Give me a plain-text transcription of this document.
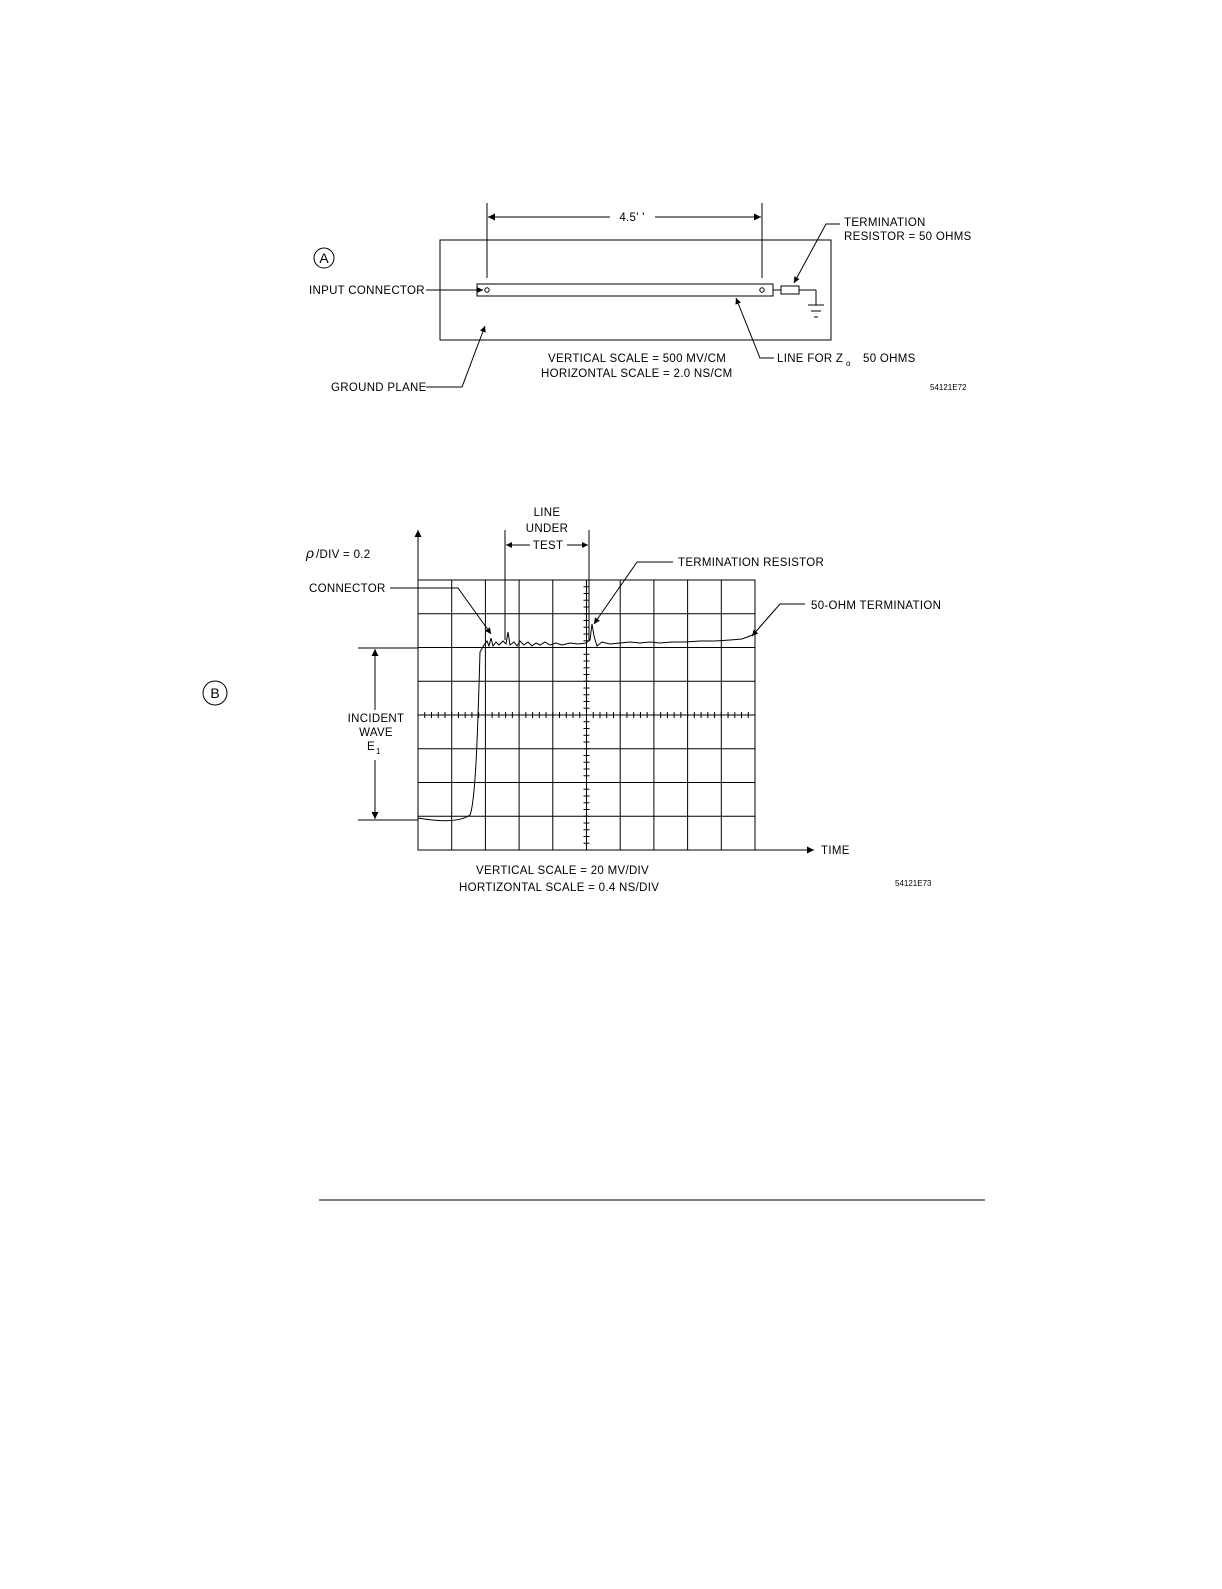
A
4.5' '	TERMINATION
RESISTOR = 50 OHMS
INPUT CONNECTOR
GROUND PLANE
VERTICAL SCALE = 500 MV/CM
HORIZONTAL SCALE = 2.0 NS/CM
LINE FOR Z o 50 OHMS
54121E72
B
ρ /DIV = 0.2
LINE
UNDER
TEST
TERMINATION RESISTOR
CONNECTOR
50-OHM TERMINATION
INCIDENT
WAVE
E 1
TIME
VERTICAL SCALE = 20 MV/DIV
HORTIZONTAL SCALE = 0.4 NS/DIV	54121E73
